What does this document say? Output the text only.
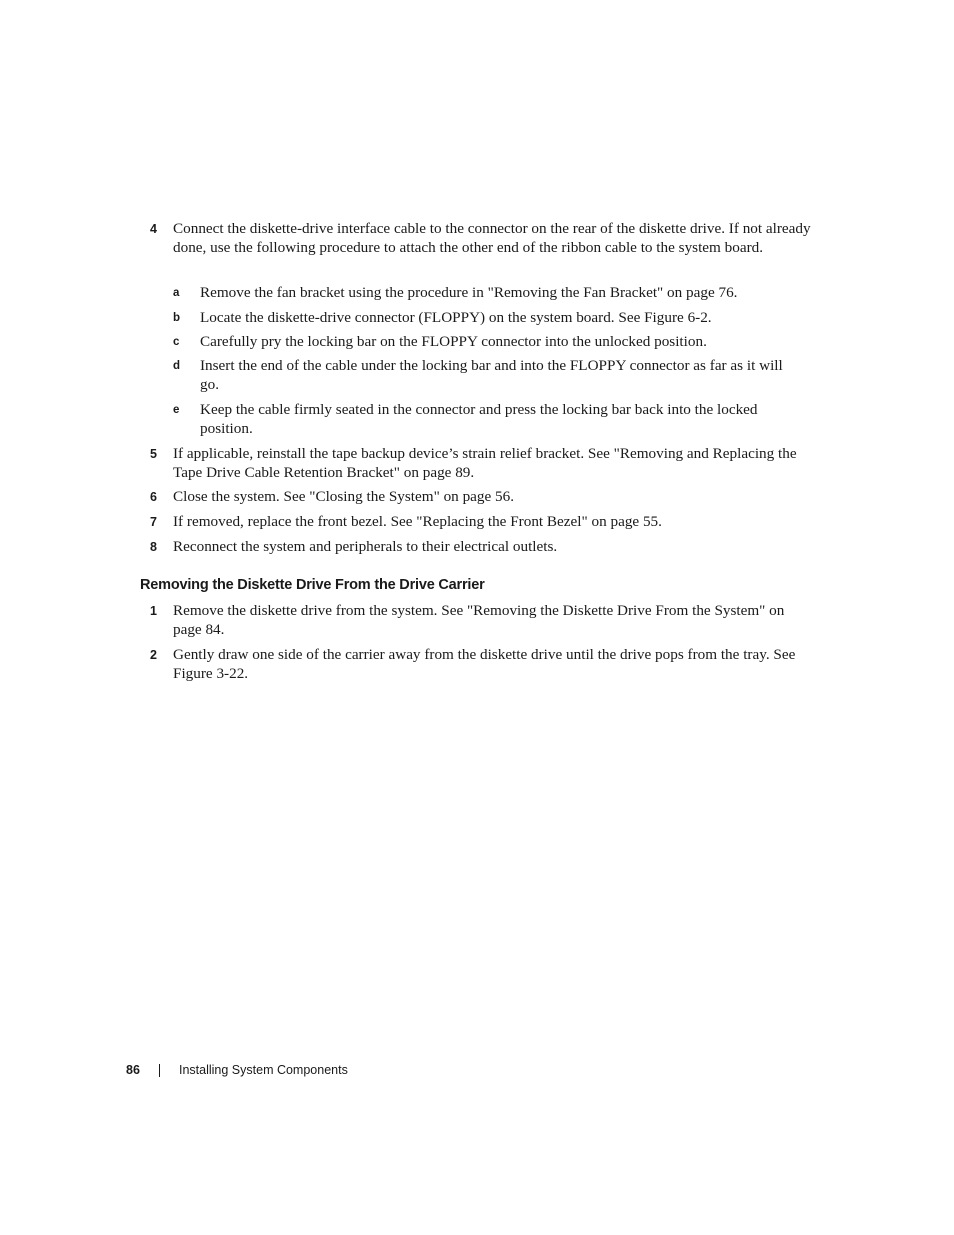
4 Connect the diskette-drive interface cable to the connector on the rear of the diskette drive. If not already done, use the following procedure to attach the other end of the ribbon cable to the system board.
a Remove the fan bracket using the procedure in "Removing the Fan Bracket" on page 76.
b Locate the diskette-drive connector (FLOPPY) on the system board. See Figure 6-2.
c Carefully pry the locking bar on the FLOPPY connector into the unlocked position.
d Insert the end of the cable under the locking bar and into the FLOPPY connector as far as it will go.
e Keep the cable firmly seated in the connector and press the locking bar back into the locked position.
5 If applicable, reinstall the tape backup device’s strain relief bracket. See "Removing and Replacing the Tape Drive Cable Retention Bracket" on page 89.
6 Close the system. See "Closing the System" on page 56.
7 If removed, replace the front bezel. See "Replacing the Front Bezel" on page 55.
8 Reconnect the system and peripherals to their electrical outlets.
Removing the Diskette Drive From the Drive Carrier
1 Remove the diskette drive from the system. See "Removing the Diskette Drive From the System" on page 84.
2 Gently draw one side of the carrier away from the diskette drive until the drive pops from the tray. See Figure 3-22.
86	Installing System Components
